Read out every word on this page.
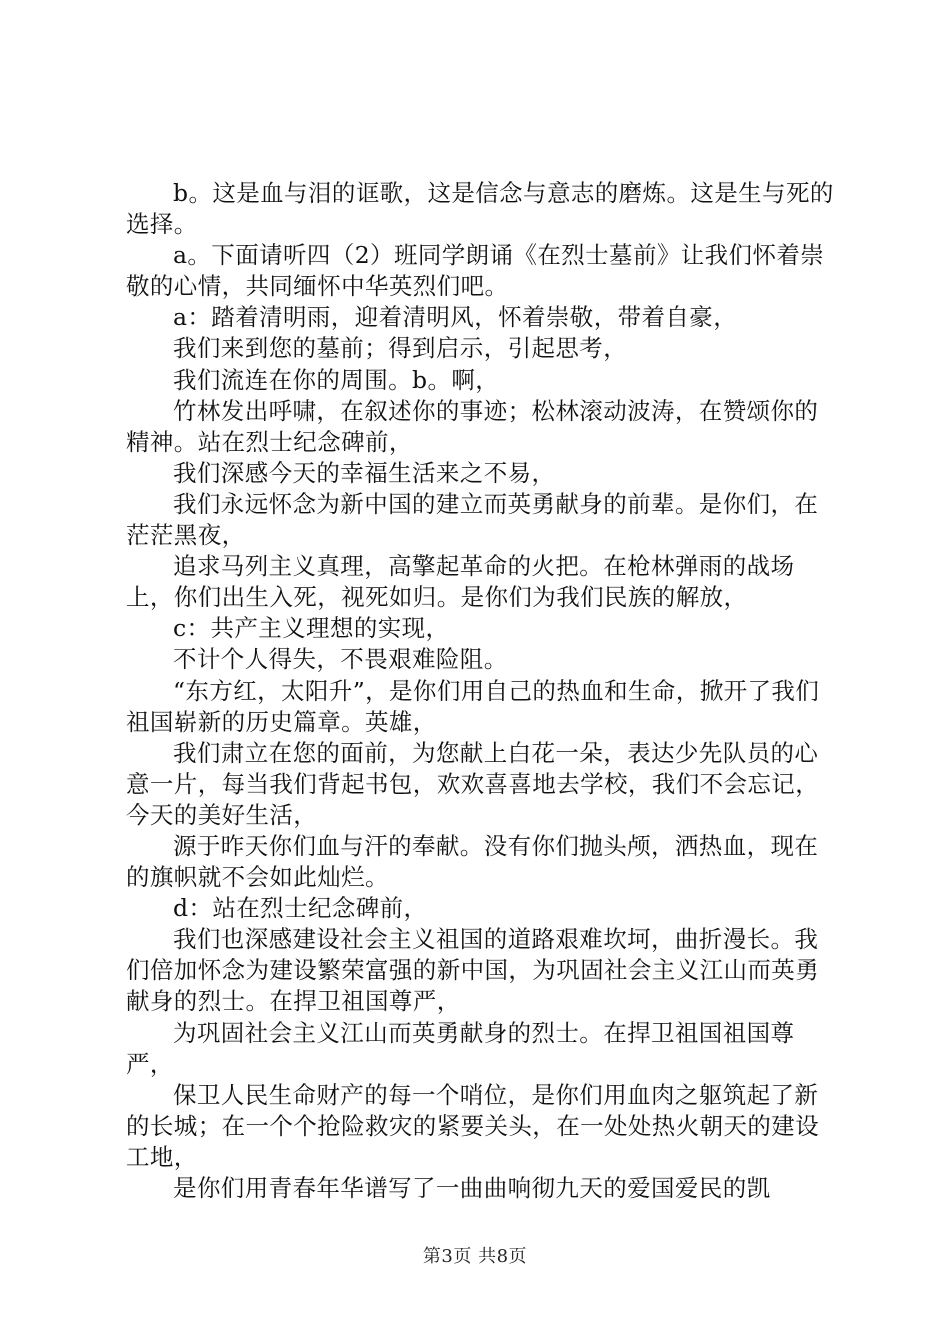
b。这是血与泪的诓歌，这是信念与意志的磨炼。这是生与死的选择。

a。下面请听四（2）班同学朗诵《在烈士墓前》让我们怀着崇敬的心情，共同缅怀中华英烈们吧。

a：踏着清明雨，迎着清明风，怀着崇敬，带着自豪，

我们来到您的墓前；得到启示，引起思考，

我们流连在你的周围。b。啊，

竹林发出呼啸，在叙述你的事迹；松林滚动波涛，在赞颂你的精神。站在烈士纪念碑前，

我们深感今天的幸福生活来之不易，

我们永远怀念为新中国的建立而英勇献身的前辈。是你们，在茫茫黑夜，

追求马列主义真理，高擎起革命的火把。在枪林弹雨的战场上，你们出生入死，视死如归。是你们为我们民族的解放，

c：共产主义理想的实现，

不计个人得失，不畏艰难险阻。

“东方红，太阳升”，是你们用自己的热血和生命，掀开了我们祖国崭新的历史篇章。英雄，

我们肃立在您的面前，为您献上白花一朵，表达少先队员的心意一片，每当我们背起书包，欢欢喜喜地去学校，我们不会忘记，今天的美好生活，

源于昨天你们血与汗的奉献。没有你们抛头颅，洒热血，现在的旗帜就不会如此灿烂。

d：站在烈士纪念碑前，

我们也深感建设社会主义祖国的道路艰难坎坷，曲折漫长。我们倍加怀念为建设繁荣富强的新中国，为巩固社会主义江山而英勇献身的烈士。在捍卫祖国尊严，

为巩固社会主义江山而英勇献身的烈士。在捍卫祖国祖国尊严，

保卫人民生命财产的每一个哨位，是你们用血肉之躯筑起了新的长城；在一个个抢险救灾的紧要关头，在一处处热火朝天的建设工地，

是你们用青春年华谱写了一曲曲响彻九天的爱国爱民的凯

第3页 共8页
